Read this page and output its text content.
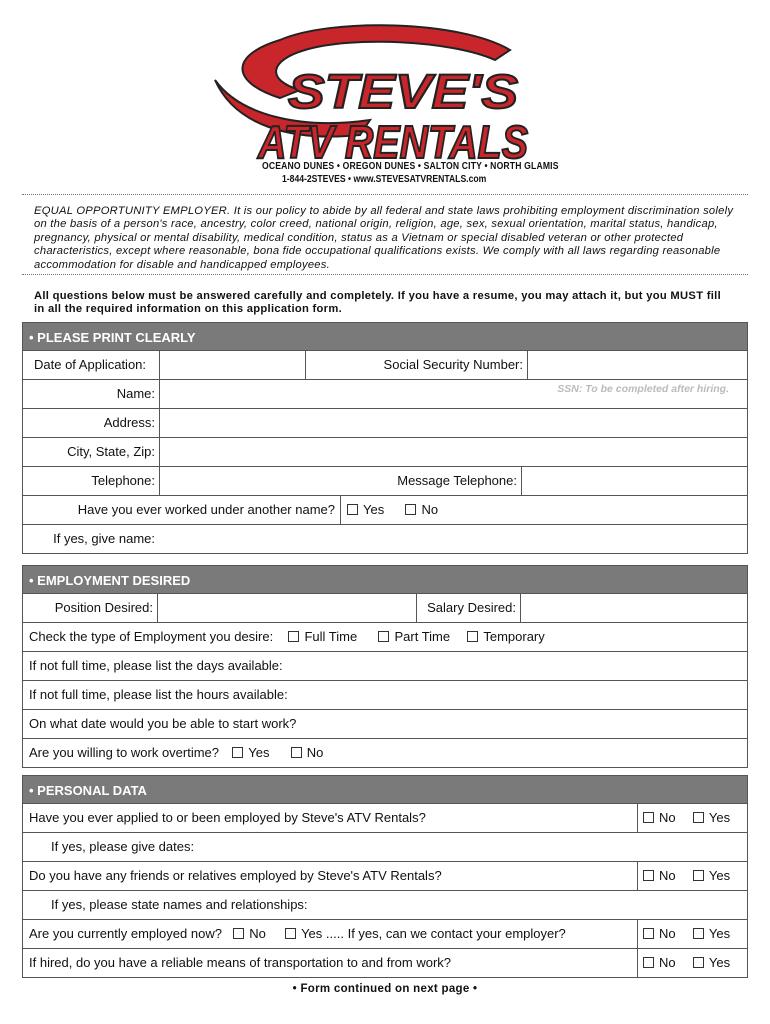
STEVE'S
ATV RENTALS
OCEANO DUNES • OREGON DUNES • SALTON CITY • NORTH GLAMIS
1-844-2STEVES • www.STEVESATVRENTALS.com
EQUAL OPPORTUNITY EMPLOYER. It is our policy to abide by all federal and state laws prohibiting employment discrimination solely on the basis of a person's race, ancestry, color creed, national origin, religion, age, sex, sexual orientation, marital status, handicap, pregnancy, physical or mental disability, medical condition, status as a Vietnam or special disabled veteran or other protected characteristics, except where reasonable, bona fide occupational qualifications exists. We comply with all laws regarding reasonable accommodation for disable and handicapped employees.
All questions below must be answered carefully and completely. If you have a resume, you may attach it, but you MUST fill in all the required information on this application form.
• PLEASE PRINT CLEARLY
Date of Application:	Social Security Number:
Name:	SSN: To be completed after hiring.
Address:
City, State, Zip:
Telephone:	Message Telephone:
Have you ever worked under another name?	Yes	No
If yes, give name:
• EMPLOYMENT DESIRED
Position Desired:	Salary Desired:
Check the type of Employment you desire: Full Time	Part Time	Temporary
If not full time, please list the days available:
If not full time, please list the hours available:
On what date would you be able to start work?
Are you willing to work overtime? Yes	No
• PERSONAL DATA
Have you ever applied to or been employed by Steve's ATV Rentals?	No	Yes
If yes, please give dates:
Do you have any friends or relatives employed by Steve's ATV Rentals?	No	Yes
If yes, please state names and relationships:
Are you currently employed now? No	Yes ..... If yes, can we contact your employer?	No	Yes
If hired, do you have a reliable means of transportation to and from work?	No	Yes
• Form continued on next page •
